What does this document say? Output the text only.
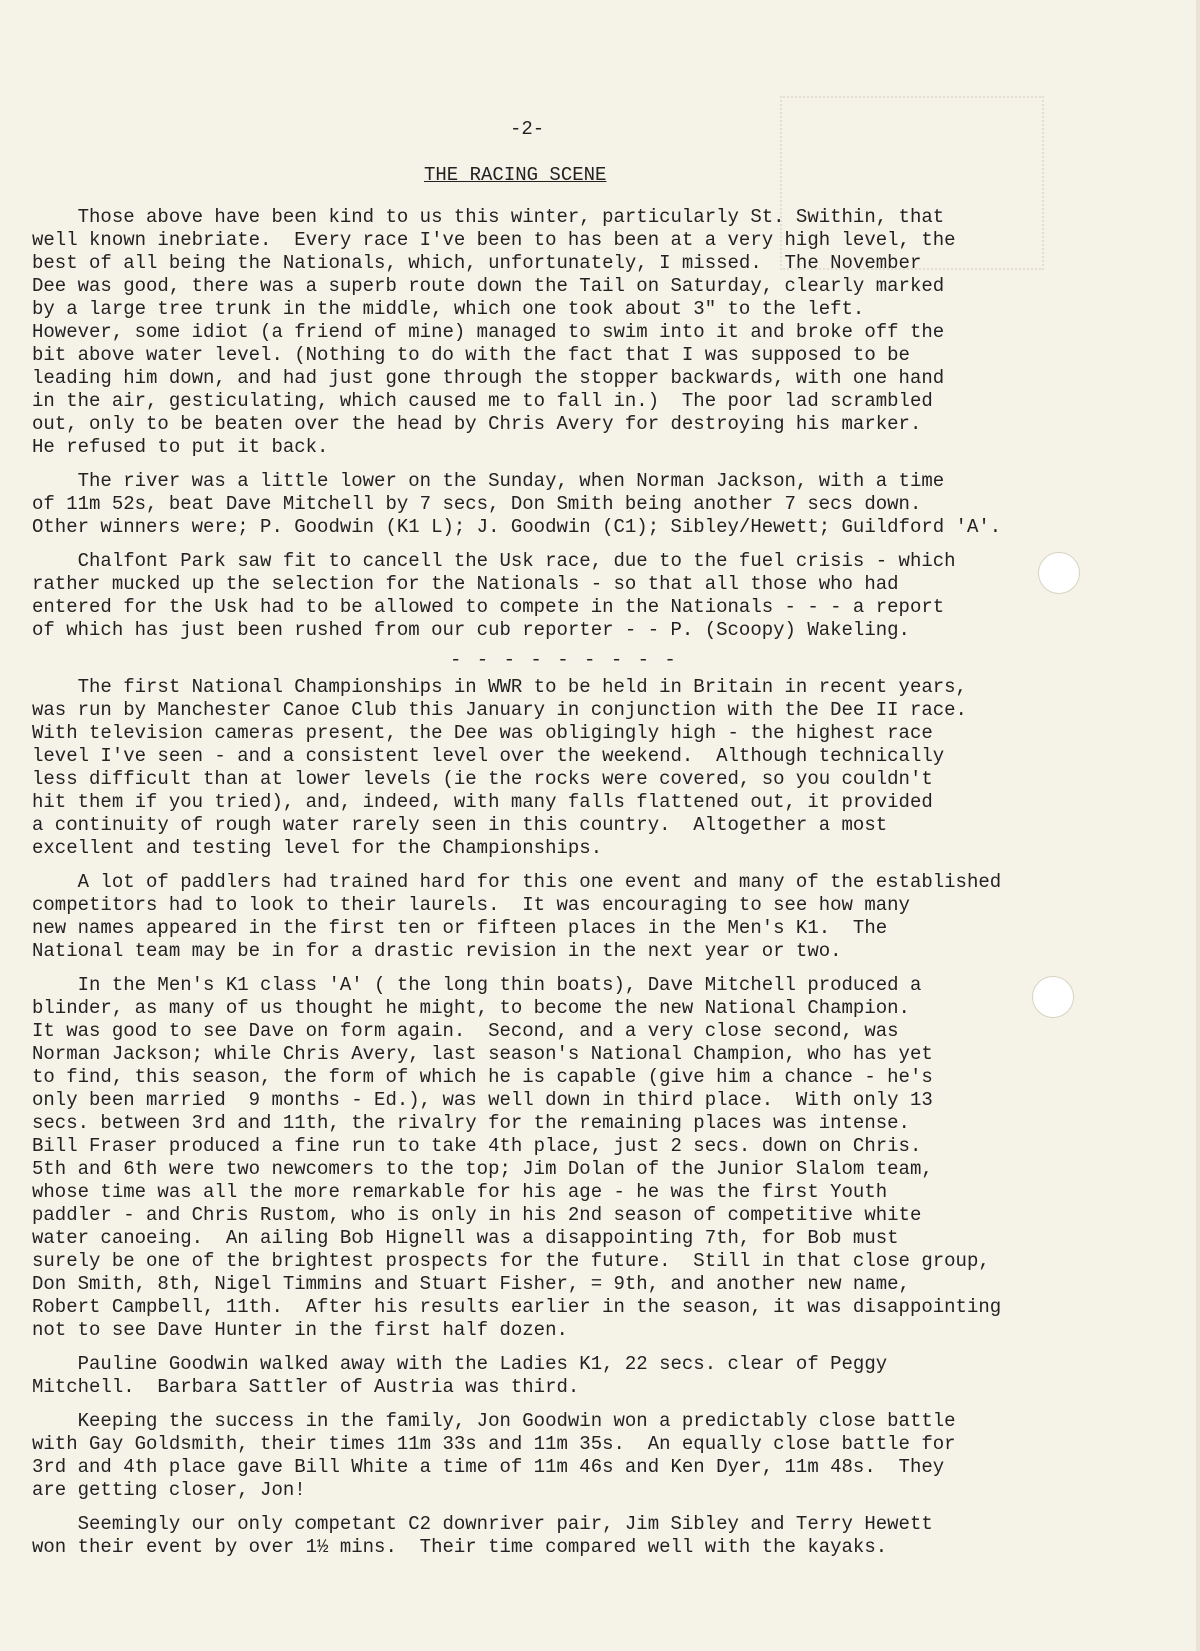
-2-
THE RACING SCENE
- - - - - - - - -
Those above have been kind to us this winter, particularly St. Swithin, that
well known inebriate.  Every race I've been to has been at a very high level, the
best of all being the Nationals, which, unfortunately, I missed.  The November
Dee was good, there was a superb route down the Tail on Saturday, clearly marked
by a large tree trunk in the middle, which one took about 3" to the left.
However, some idiot (a friend of mine) managed to swim into it and broke off the
bit above water level. (Nothing to do with the fact that I was supposed to be
leading him down, and had just gone through the stopper backwards, with one hand
in the air, gesticulating, which caused me to fall in.)  The poor lad scrambled
out, only to be beaten over the head by Chris Avery for destroying his marker.
He refused to put it back.
The river was a little lower on the Sunday, when Norman Jackson, with a time
of 11m 52s, beat Dave Mitchell by 7 secs, Don Smith being another 7 secs down.
Other winners were; P. Goodwin (K1 L); J. Goodwin (C1); Sibley/Hewett; Guildford 'A'.
Chalfont Park saw fit to cancell the Usk race, due to the fuel crisis - which
rather mucked up the selection for the Nationals - so that all those who had
entered for the Usk had to be allowed to compete in the Nationals - - - a report
of which has just been rushed from our cub reporter - - P. (Scoopy) Wakeling.
The first National Championships in WWR to be held in Britain in recent years,
was run by Manchester Canoe Club this January in conjunction with the Dee II race.
With television cameras present, the Dee was obligingly high - the highest race
level I've seen - and a consistent level over the weekend.  Although technically
less difficult than at lower levels (ie the rocks were covered, so you couldn't
hit them if you tried), and, indeed, with many falls flattened out, it provided
a continuity of rough water rarely seen in this country.  Altogether a most
excellent and testing level for the Championships.
A lot of paddlers had trained hard for this one event and many of the established
competitors had to look to their laurels.  It was encouraging to see how many
new names appeared in the first ten or fifteen places in the Men's K1.  The
National team may be in for a drastic revision in the next year or two.
In the Men's K1 class 'A' ( the long thin boats), Dave Mitchell produced a
blinder, as many of us thought he might, to become the new National Champion.
It was good to see Dave on form again.  Second, and a very close second, was
Norman Jackson; while Chris Avery, last season's National Champion, who has yet
to find, this season, the form of which he is capable (give him a chance - he's
only been married  9 months - Ed.), was well down in third place.  With only 13
secs. between 3rd and 11th, the rivalry for the remaining places was intense.
Bill Fraser produced a fine run to take 4th place, just 2 secs. down on Chris.
5th and 6th were two newcomers to the top; Jim Dolan of the Junior Slalom team,
whose time was all the more remarkable for his age - he was the first Youth
paddler - and Chris Rustom, who is only in his 2nd season of competitive white
water canoeing.  An ailing Bob Hignell was a disappointing 7th, for Bob must
surely be one of the brightest prospects for the future.  Still in that close group,
Don Smith, 8th, Nigel Timmins and Stuart Fisher, = 9th, and another new name,
Robert Campbell, 11th.  After his results earlier in the season, it was disappointing
not to see Dave Hunter in the first half dozen.
Pauline Goodwin walked away with the Ladies K1, 22 secs. clear of Peggy
Mitchell.  Barbara Sattler of Austria was third.
Keeping the success in the family, Jon Goodwin won a predictably close battle
with Gay Goldsmith, their times 11m 33s and 11m 35s.  An equally close battle for
3rd and 4th place gave Bill White a time of 11m 46s and Ken Dyer, 11m 48s.  They
are getting closer, Jon!
Seemingly our only competant C2 downriver pair, Jim Sibley and Terry Hewett
won their event by over 1½ mins.  Their time compared well with the kayaks.
